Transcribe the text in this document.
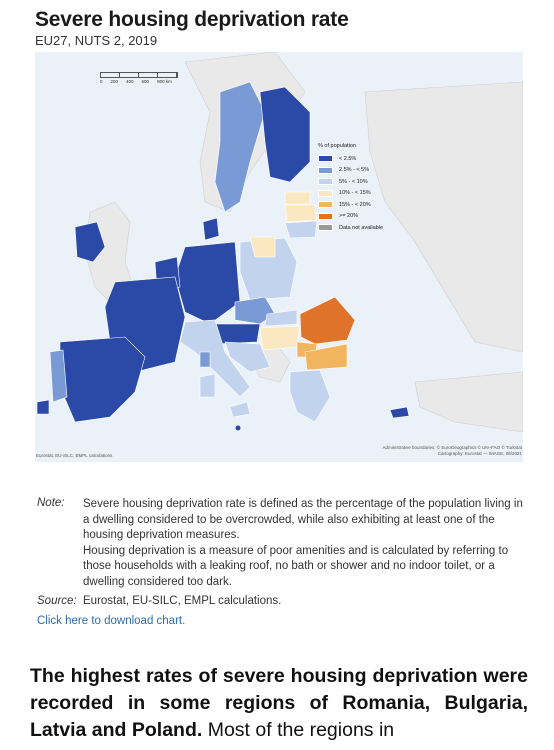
Severe housing deprivation rate
EU27, NUTS 2, 2019
0 200 400 600 800 km
% of population
< 2.5%
2.5% - < 5%
5% - < 10%
10% - < 15%
15% - < 20%
>= 20%
Data not available
Administrative boundaries: © EuroGeographics © UN–FAO © Turkstat
Cartography: Eurostat — IMAGE, 06/2021
Eurostat, EU-SILC, EMPL calculations
Note: Severe housing deprivation rate is defined as the percentage of the population living in a dwelling considered to be overcrowded, while also exhibiting at least one of the housing deprivation measures.
Housing deprivation is a measure of poor amenities and is calculated by referring to those households with a leaking roof, no bath or shower and no indoor toilet, or a dwelling considered too dark.
Source: Eurostat, EU-SILC, EMPL calculations.
Click here to download chart.
The highest rates of severe housing deprivation were recorded in some regions of Romania, Bulgaria, Latvia and Poland. Most of the regions in
